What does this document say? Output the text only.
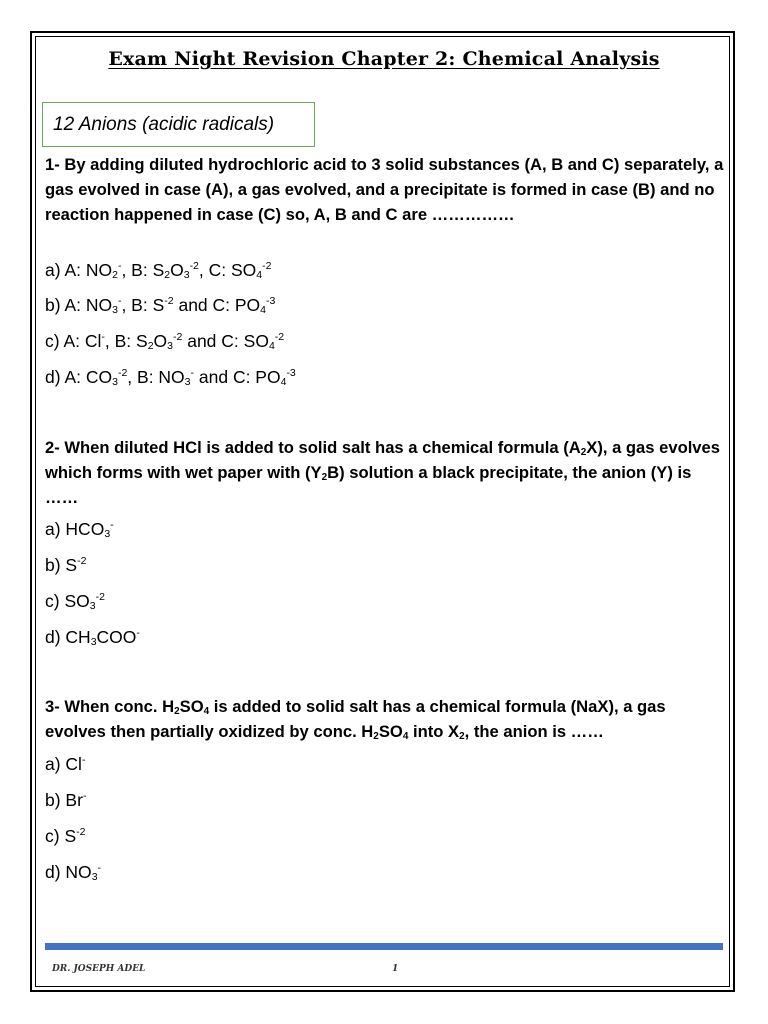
Exam Night Revision Chapter 2: Chemical Analysis
12 Anions (acidic radicals)
1- By adding diluted hydrochloric acid to 3 solid substances (A, B and C) separately, a gas evolved in case (A), a gas evolved, and a precipitate is formed in case (B) and no reaction happened in case (C) so, A, B and C are ……………
a) A: $NO_2^-$, B: $S_2O_3^{-2}$, C: $SO_4^{-2}$
b) A: $NO_3^-$, B: $S^{-2}$ and C: $PO_4^{-3}$
c) A: Cl-, B: $S_2O_3^{-2}$ and C: $SO_4^{-2}$
d) A: $CO_3^{-2}$, B: $NO_3^-$ and C: $PO_4^{-3}$
2- When diluted HCl is added to solid salt has a chemical formula $(A_2X)$, a gas evolves which forms with wet paper with $(Y_2B)$ solution a black precipitate, the anion (Y) is ……
a) $HCO_3^-$
b) $S^{-2}$
c) $SO_3^{-2}$
d) $CH_3COO^-$
3- When conc. $H_2SO_4$ is added to solid salt has a chemical formula (NaX), a gas evolves then partially oxidized by conc. $H_2SO_4$ into $X_2$, the anion is ……
a) Cl-
b) Br-
c) $S^{-2}$
d) $NO_3^-$
DR. JOSEPH ADEL	1
